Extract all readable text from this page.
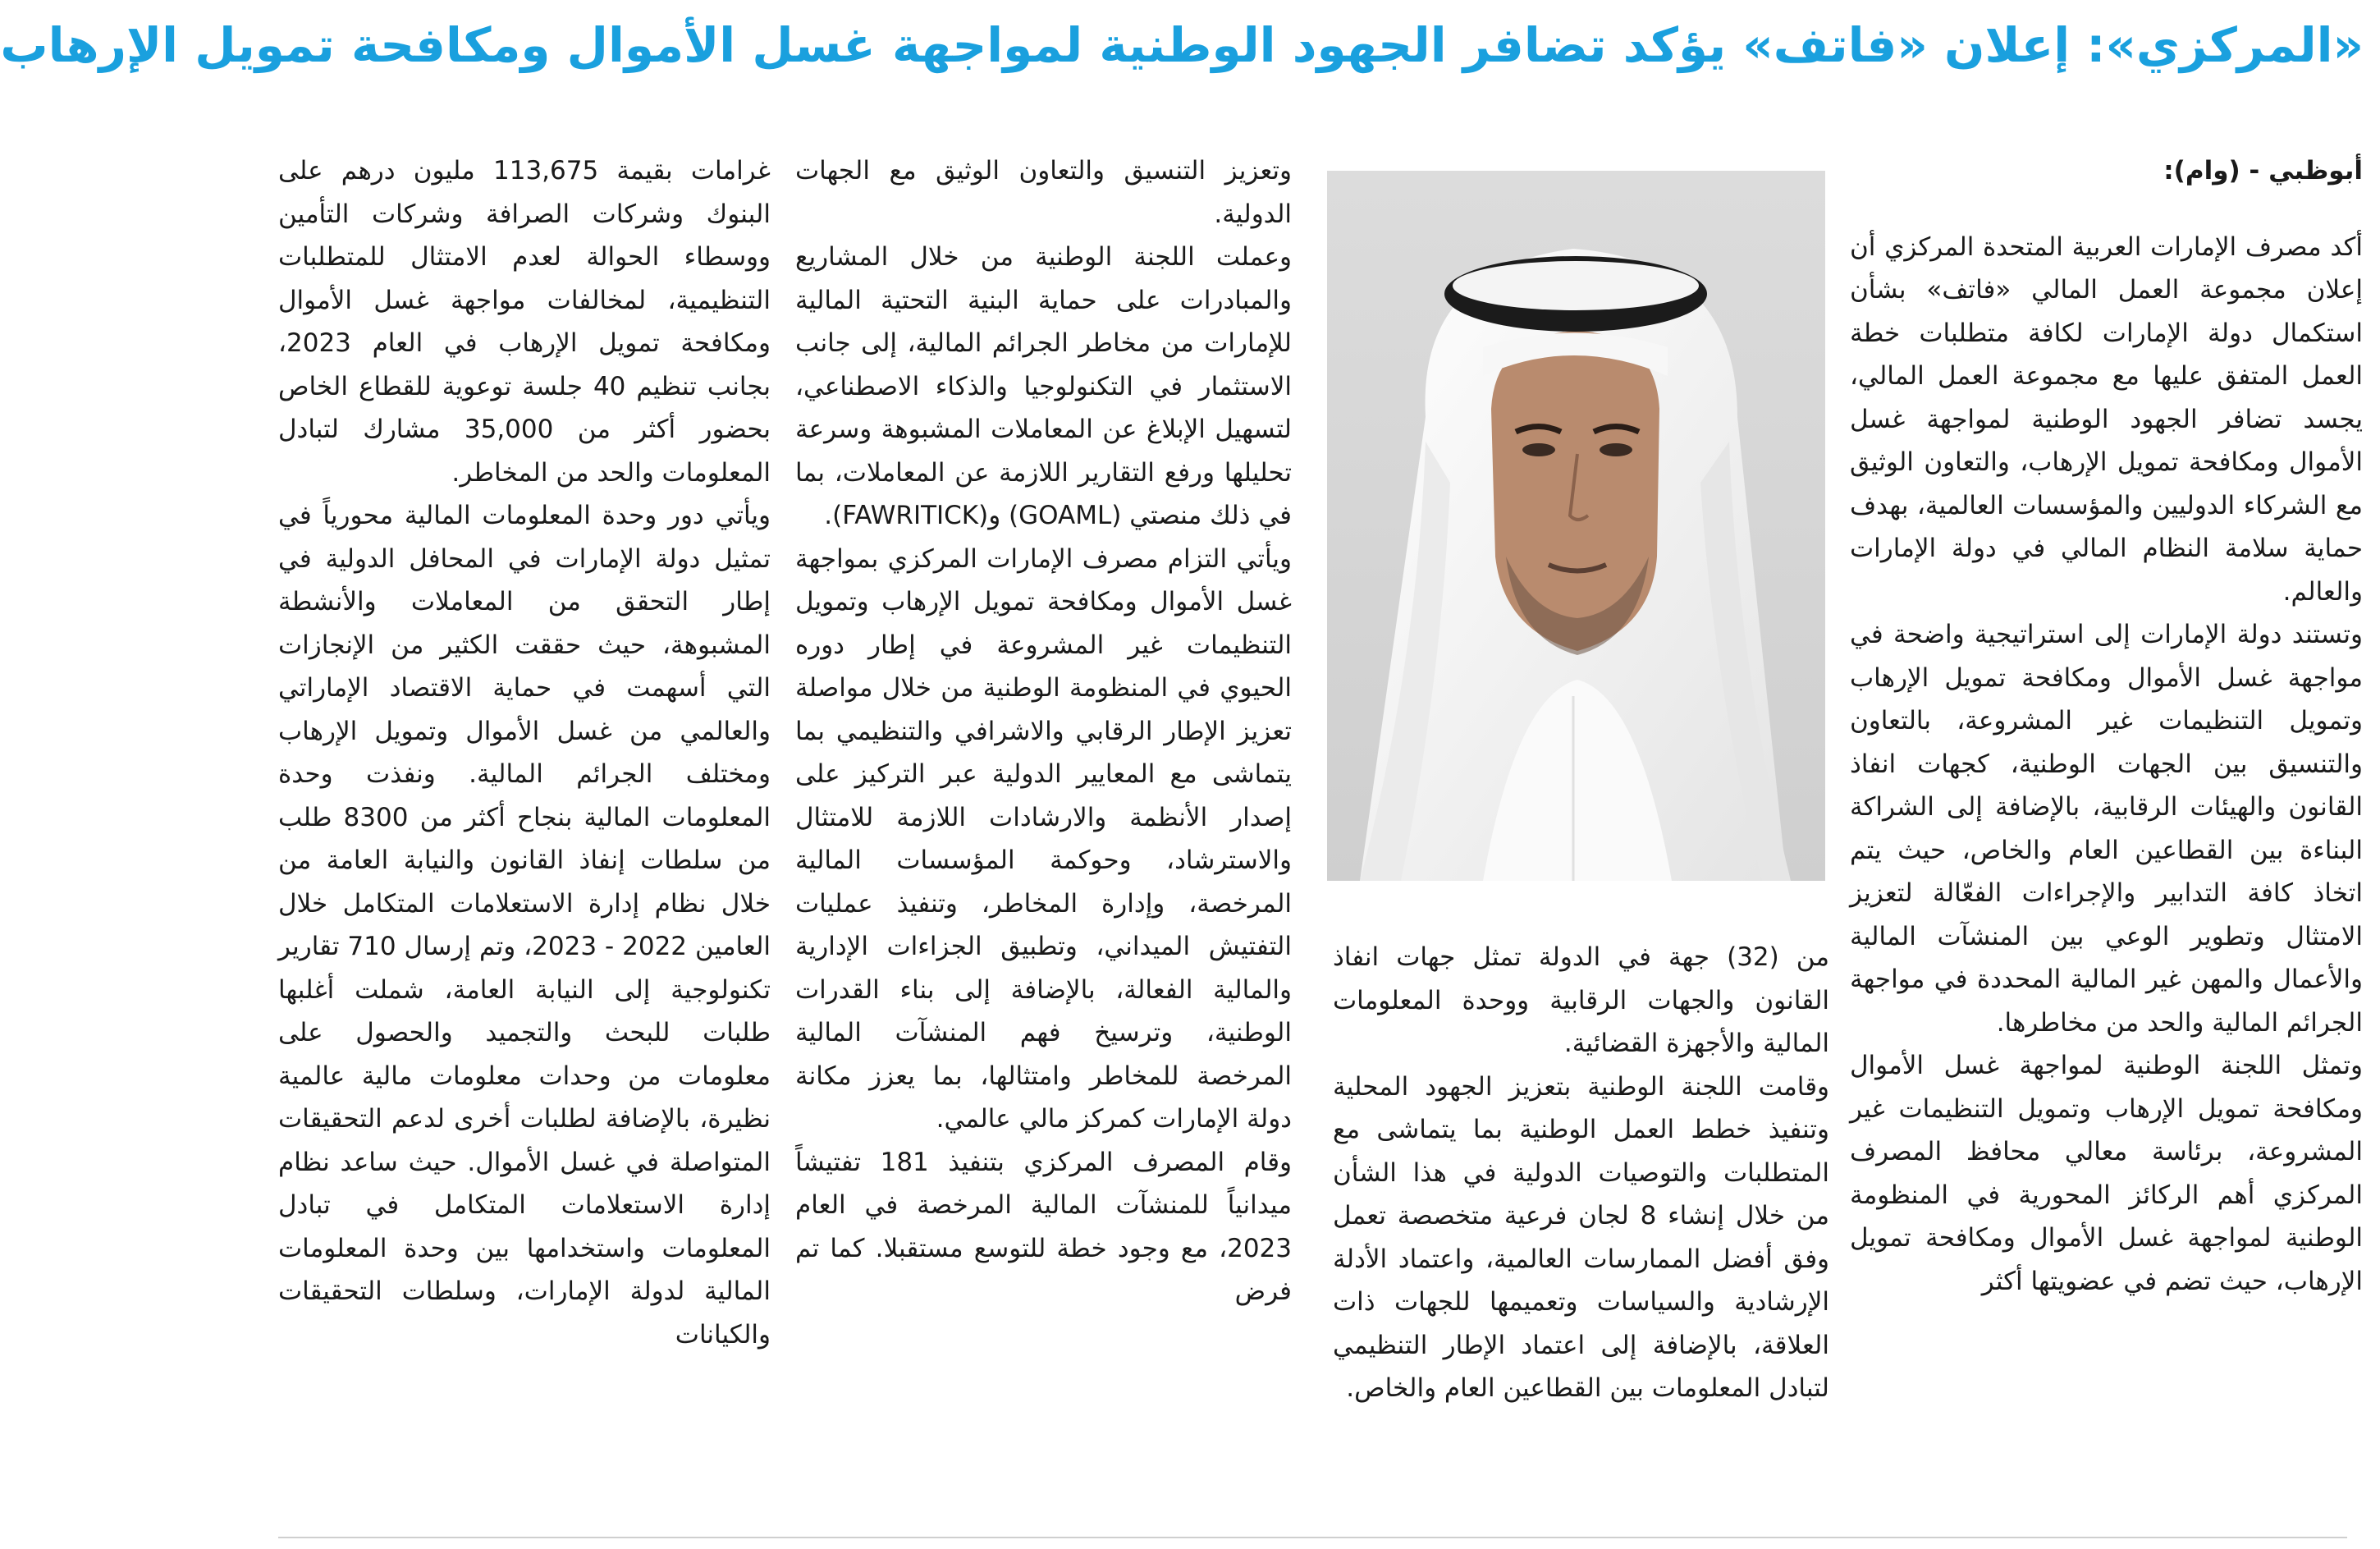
«المركزي»: إعلان «فاتف» يؤكد تضافر الجهود الوطنية لمواجهة غسل الأموال ومكافحة تمويل الإرهاب

أبوظبي - (وام):

أكد مصرف الإمارات العربية المتحدة المركزي أن إعلان مجموعة العمل المالي «فاتف» بشأن استكمال دولة الإمارات لكافة متطلبات خطة العمل المتفق عليها مع مجموعة العمل المالي، يجسد تضافر الجهود الوطنية لمواجهة غسل الأموال ومكافحة تمويل الإرهاب، والتعاون الوثيق مع الشركاء الدوليين والمؤسسات العالمية، بهدف حماية سلامة النظام المالي في دولة الإمارات والعالم.
وتستند دولة الإمارات إلى استراتيجية واضحة في مواجهة غسل الأموال ومكافحة تمويل الإرهاب وتمويل التنظيمات غير المشروعة، بالتعاون والتنسيق بين الجهات الوطنية، كجهات انفاذ القانون والهيئات الرقابية، بالإضافة إلى الشراكة البناءة بين القطاعين العام والخاص، حيث يتم اتخاذ كافة التدابير والإجراءات الفعّالة لتعزيز الامتثال وتطوير الوعي بين المنشآت المالية والأعمال والمهن غير المالية المحددة في مواجهة الجرائم المالية والحد من مخاطرها.
وتمثل اللجنة الوطنية لمواجهة غسل الأموال ومكافحة تمويل الإرهاب وتمويل التنظيمات غير المشروعة، برئاسة معالي محافظ المصرف المركزي أهم الركائز المحورية في المنظومة الوطنية لمواجهة غسل الأموال ومكافحة تمويل الإرهاب، حيث تضم في عضويتها أكثر

من (32) جهة في الدولة تمثل جهات انفاذ القانون والجهات الرقابية ووحدة المعلومات المالية والأجهزة القضائية.
وقامت اللجنة الوطنية بتعزيز الجهود المحلية وتنفيذ خطط العمل الوطنية بما يتماشى مع المتطلبات والتوصيات الدولية في هذا الشأن من خلال إنشاء 8 لجان فرعية متخصصة تعمل وفق أفضل الممارسات العالمية، واعتماد الأدلة الإرشادية والسياسات وتعميمها للجهات ذات العلاقة، بالإضافة إلى اعتماد الإطار التنظيمي لتبادل المعلومات بين القطاعين العام والخاص.

وتعزيز التنسيق والتعاون الوثيق مع الجهات الدولية.
وعملت اللجنة الوطنية من خلال المشاريع والمبادرات على حماية البنية التحتية المالية للإمارات من مخاطر الجرائم المالية، إلى جانب الاستثمار في التكنولوجيا والذكاء الاصطناعي، لتسهيل الإبلاغ عن المعاملات المشبوهة وسرعة تحليلها ورفع التقارير اللازمة عن المعاملات، بما في ذلك منصتي (GOAML) و(FAWRITICK).
ويأتي التزام مصرف الإمارات المركزي بمواجهة غسل الأموال ومكافحة تمويل الإرهاب وتمويل التنظيمات غير المشروعة في إطار دوره الحيوي في المنظومة الوطنية من خلال مواصلة تعزيز الإطار الرقابي والاشرافي والتنظيمي بما يتماشى مع المعايير الدولية عبر التركيز على إصدار الأنظمة والارشادات اللازمة للامتثال والاسترشاد، وحوكمة المؤسسات المالية المرخصة، وإدارة المخاطر، وتنفيذ عمليات التفتيش الميداني، وتطبيق الجزاءات الإدارية والمالية الفعالة، بالإضافة إلى بناء القدرات الوطنية، وترسيخ فهم المنشآت المالية المرخصة للمخاطر وامتثالها، بما يعزز مكانة دولة الإمارات كمركز مالي عالمي.
وقام المصرف المركزي بتنفيذ 181 تفتيشاً ميدانياً للمنشآت المالية المرخصة في العام 2023، مع وجود خطة للتوسع مستقبلا. كما تم فرض

غرامات بقيمة 113,675 مليون درهم على البنوك وشركات الصرافة وشركات التأمين ووسطاء الحوالة لعدم الامتثال للمتطلبات التنظيمية، لمخالفات مواجهة غسل الأموال ومكافحة تمويل الإرهاب في العام 2023، بجانب تنظيم 40 جلسة توعوية للقطاع الخاص بحضور أكثر من 35,000 مشارك لتبادل المعلومات والحد من المخاطر.
ويأتي دور وحدة المعلومات المالية محورياً في تمثيل دولة الإمارات في المحافل الدولية في إطار التحقق من المعاملات والأنشطة المشبوهة، حيث حققت الكثير من الإنجازات التي أسهمت في حماية الاقتصاد الإماراتي والعالمي من غسل الأموال وتمويل الإرهاب ومختلف الجرائم المالية. ونفذت وحدة المعلومات المالية بنجاح أكثر من 8300 طلب من سلطات إنفاذ القانون والنيابة العامة من خلال نظام إدارة الاستعلامات المتكامل خلال العامين 2022 - 2023، وتم إرسال 710 تقارير تكنولوجية إلى النيابة العامة، شملت أغلبها طلبات للبحث والتجميد والحصول على معلومات من وحدات معلومات مالية عالمية نظيرة، بالإضافة لطلبات أخرى لدعم التحقيقات المتواصلة في غسل الأموال. حيث ساعد نظام إدارة الاستعلامات المتكامل في تبادل المعلومات واستخدامها بين وحدة المعلومات المالية لدولة الإمارات، وسلطات التحقيقات والكيانات
